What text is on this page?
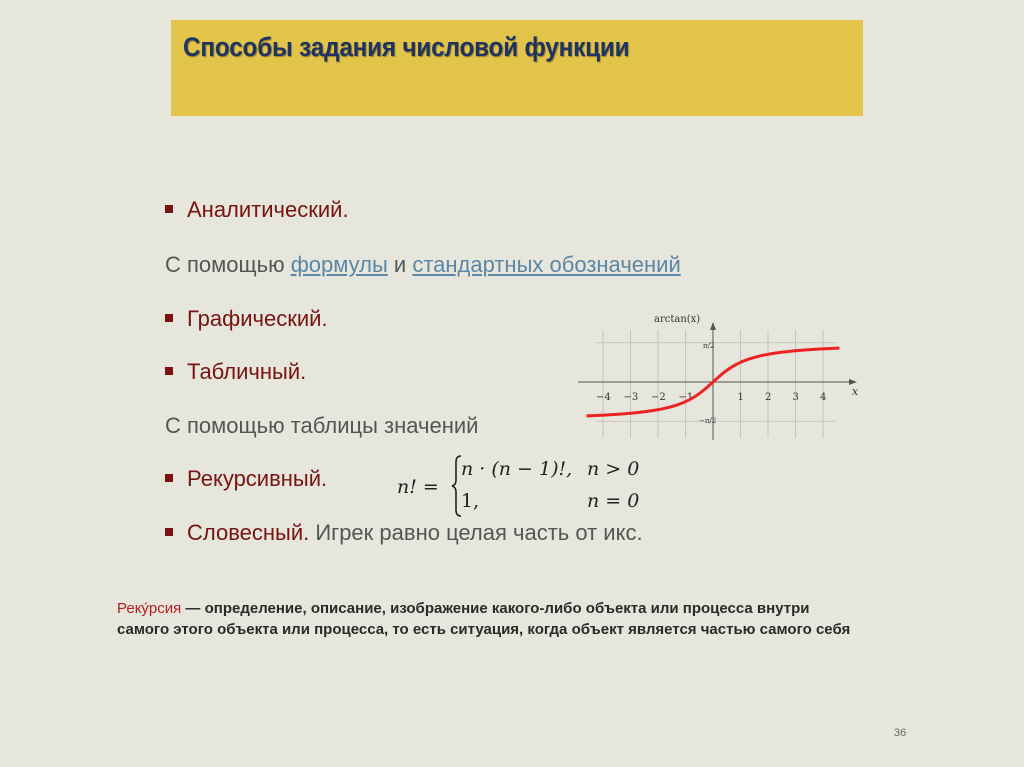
Способы задания числовой функции
Аналитический.
С помощью формулы и стандартных обозначений
Графический.
Табличный.
С помощью таблицы значений
Рекурсивный.
Словесный. Игрек равно целая часть от икс.
n! =
n · (n − 1)!, n > 0
1,	n = 0
arctan(x)
x
π/2
−π/2
−4 −3 −2 −1	1 2 3 4
Реку́рсия — определение, описание, изображение какого-либо объекта или процесса внутри самого этого объекта или процесса, то есть ситуация, когда объект является частью самого себя
36
